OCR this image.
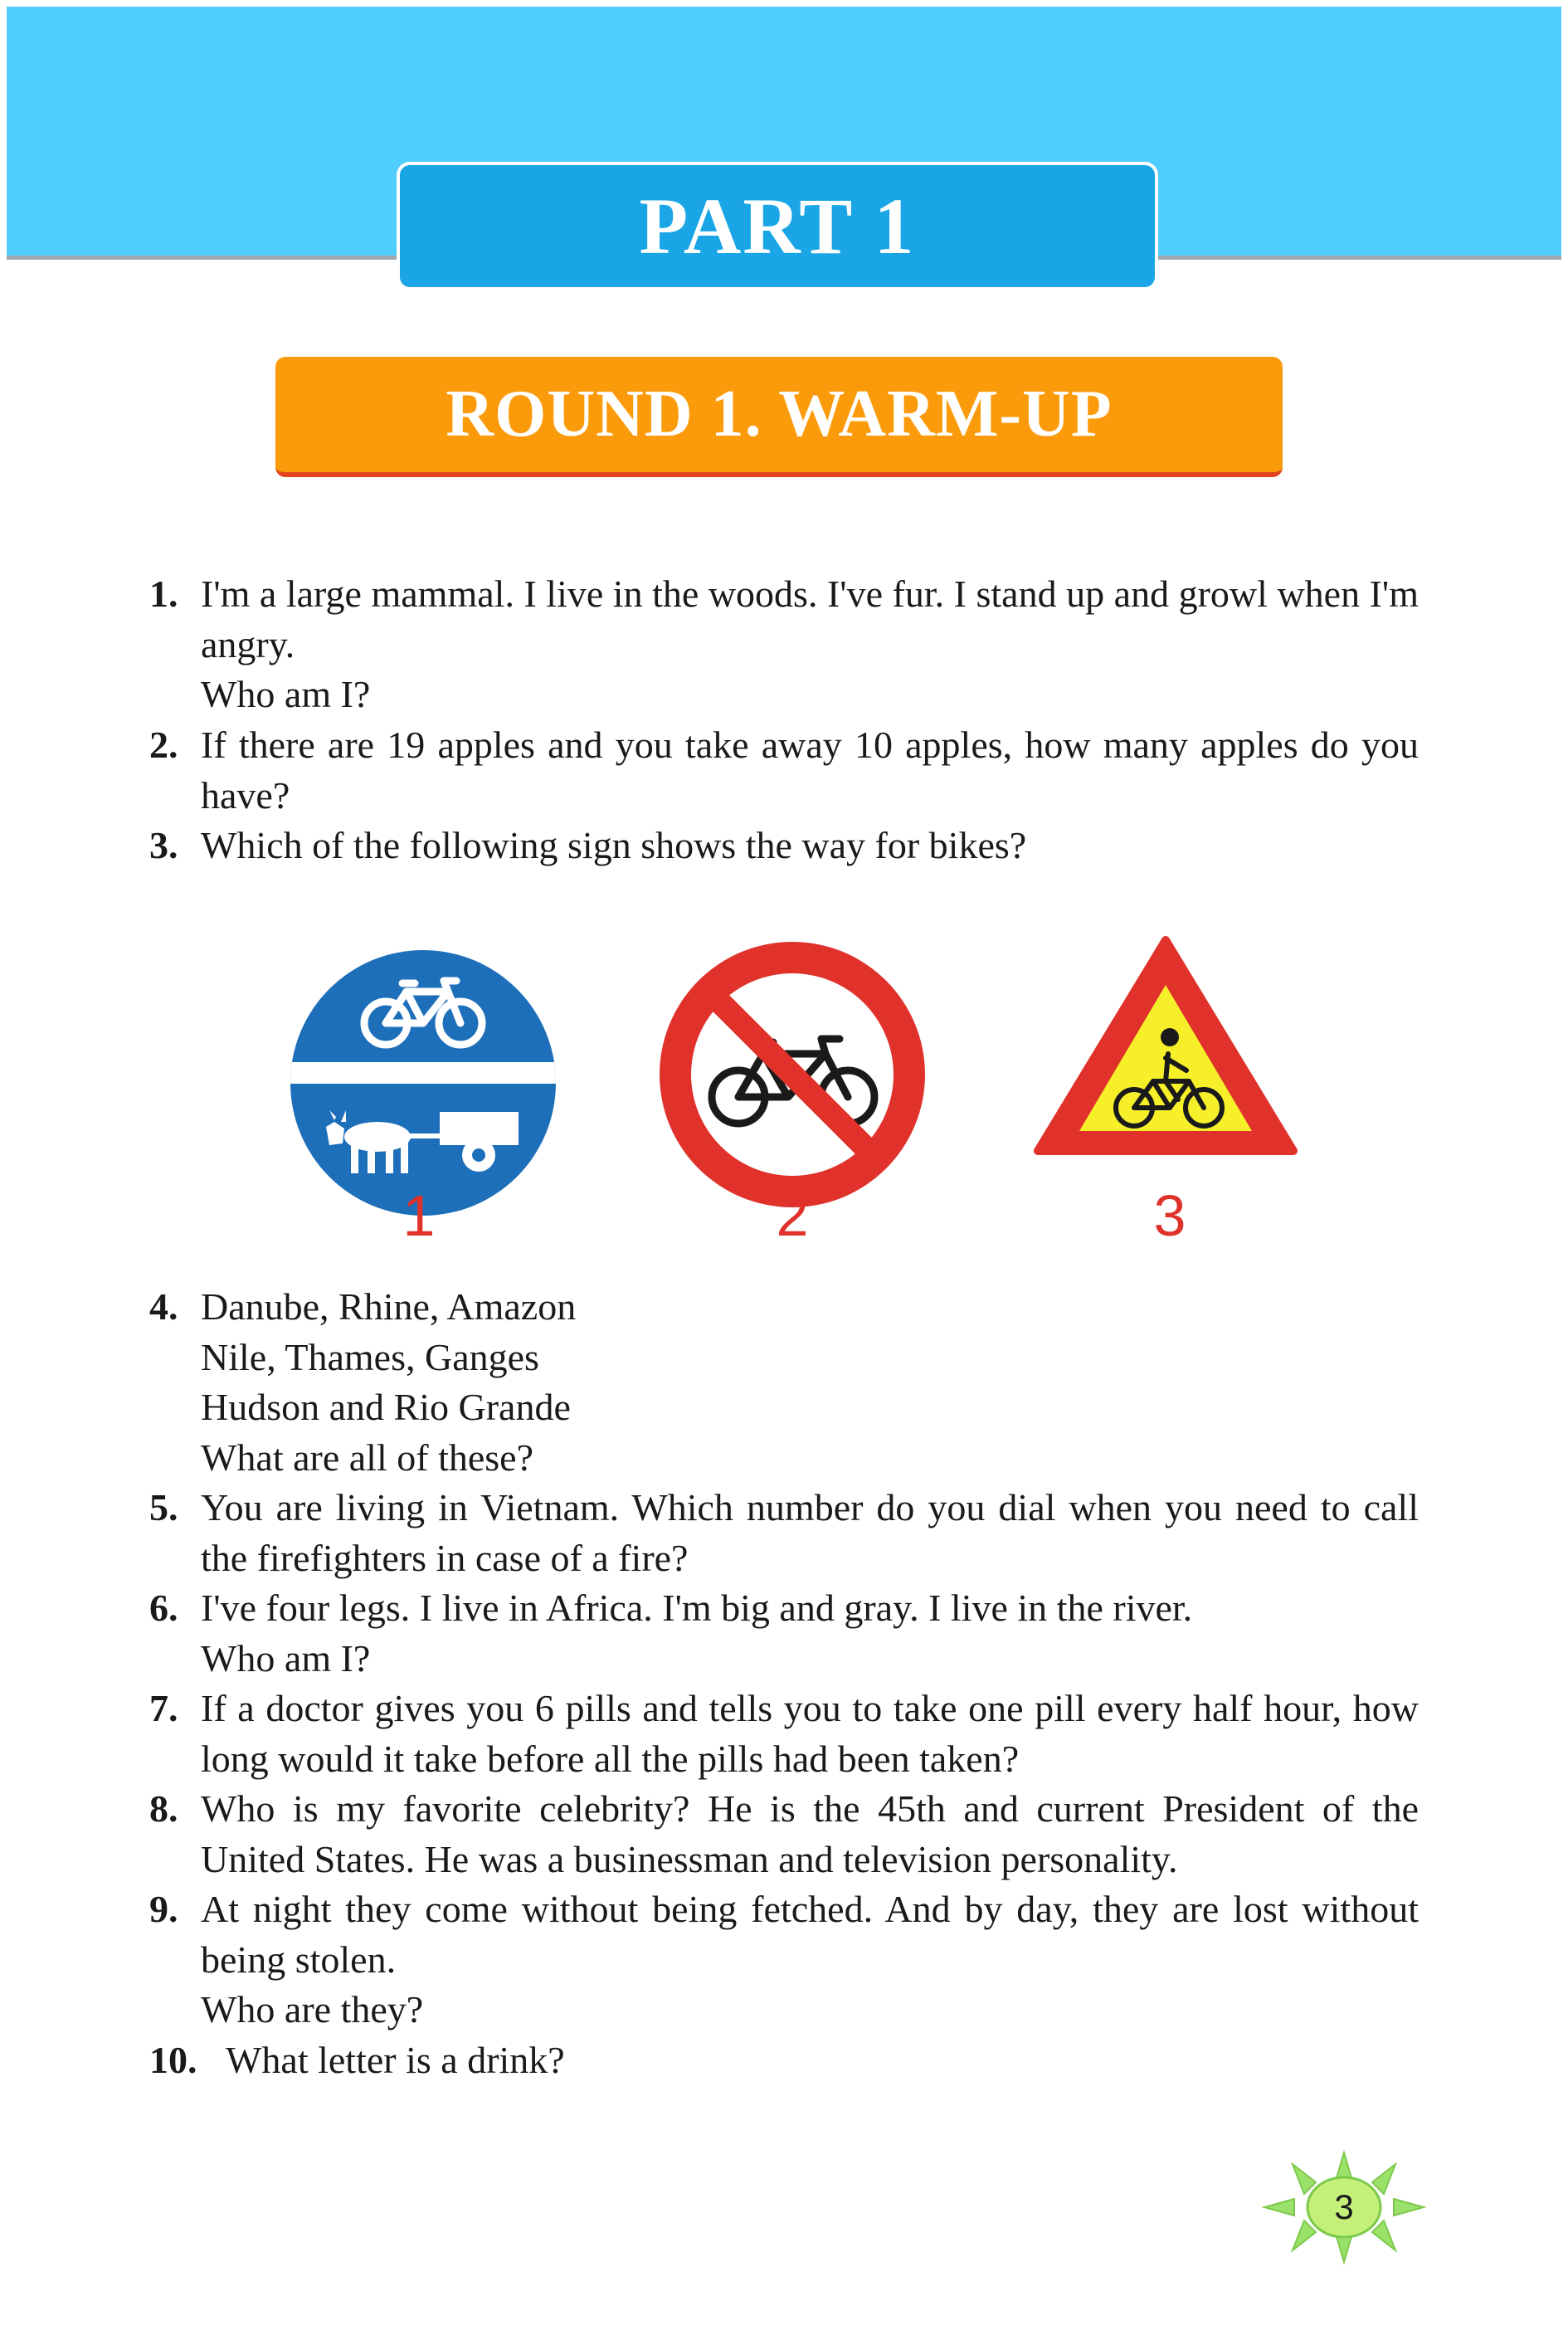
PART 1
ROUND 1. WARM-UP
1. I'm a large mammal. I live in the woods. I've fur. I stand up and growl when I'm angry.
Who am I?
2. If there are 19 apples and you take away 10 apples, how many apples do you have?
3. Which of the following sign shows the way for bikes?
1	2	3
4. Danube, Rhine, Amazon
Nile, Thames, Ganges
Hudson and Rio Grande
What are all of these?
5. You are living in Vietnam. Which number do you dial when you need to call the firefighters in case of a fire?
6. I've four legs. I live in Africa. I'm big and gray. I live in the river.
Who am I?
7. If a doctor gives you 6 pills and tells you to take one pill every half hour, how long would it take before all the pills had been taken?
8. Who is my favorite celebrity? He is the 45th and current President of the United States. He was a businessman and television personality.
9. At night they come without being fetched. And by day, they are lost without being stolen.
Who are they?
10. What letter is a drink?
3
